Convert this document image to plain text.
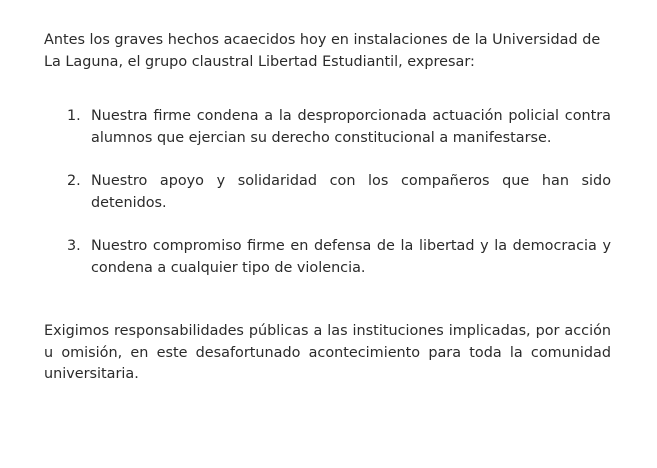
Antes los graves hechos acaecidos hoy en instalaciones de la Universidad de La Laguna, el grupo claustral Libertad Estudiantil, expresar:

1. Nuestra firme condena a la desproporcionada actuación policial contra alumnos que ejercian su derecho constitucional a manifestarse.
2. Nuestro apoyo y solidaridad con los compañeros que han sido detenidos.
3. Nuestro compromiso firme en defensa de la libertad y la democracia y condena a cualquier tipo de violencia.

Exigimos responsabilidades públicas a las instituciones implicadas, por acción u omisión, en este desafortunado acontecimiento para toda la comunidad universitaria.
